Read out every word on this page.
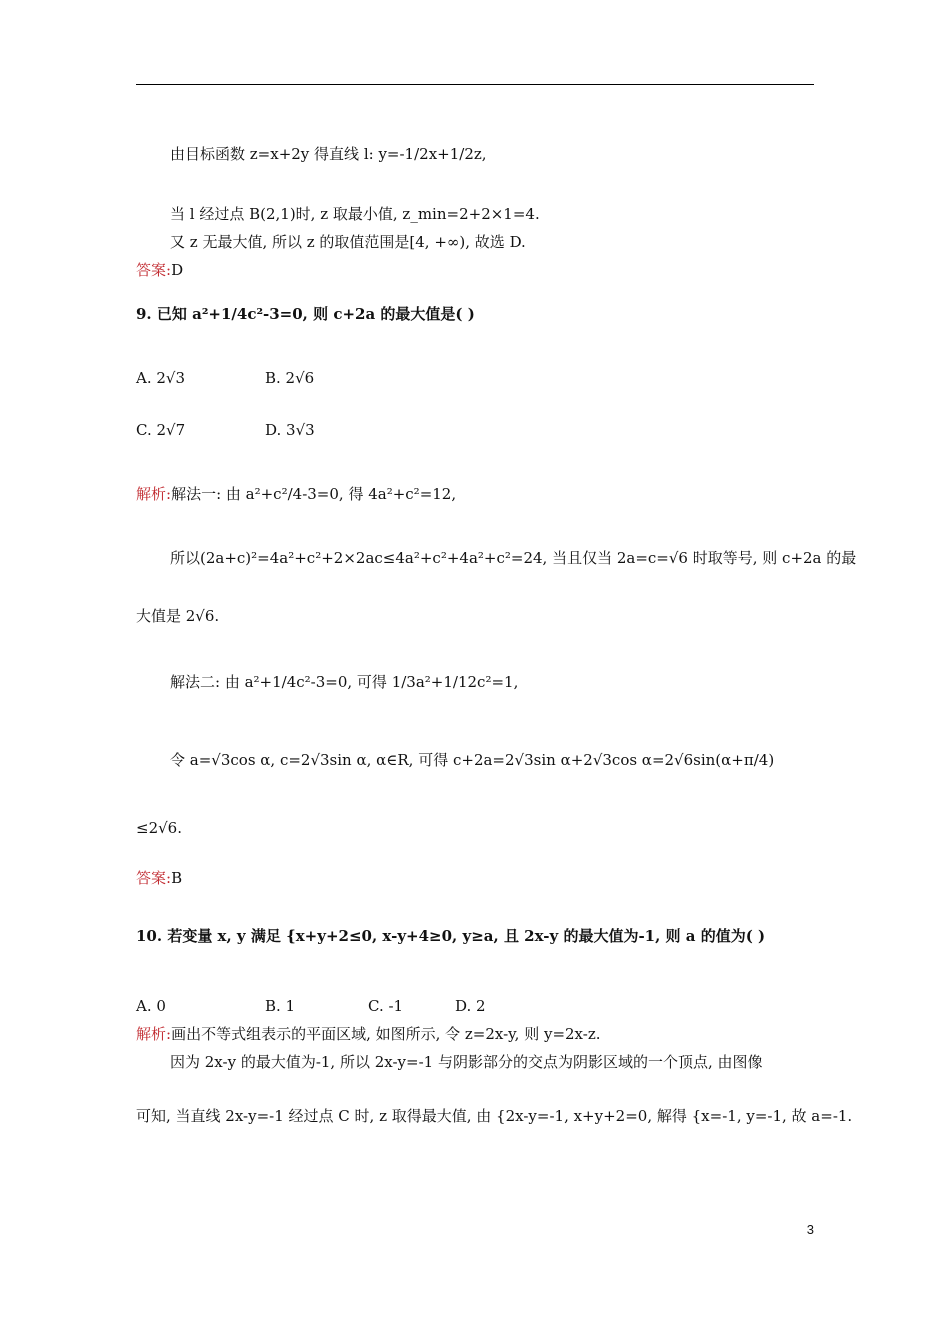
由目标函数 z=x+2y 得直线 l: y=-1/2x+1/2z,
当 l 经过点 B(2,1)时, z 取最小值, z_min=2+2×1=4.
又 z 无最大值, 所以 z 的取值范围是[4, +∞), 故选 D.
答案:D
9. 已知 a²+1/4c²-3=0, 则 c+2a 的最大值是( )
A. 2√3	B. 2√6
C. 2√7	D. 3√3
解析:解法一: 由 a²+c²/4-3=0, 得 4a²+c²=12,
所以(2a+c)²=4a²+c²+2×2ac≤4a²+c²+4a²+c²=24, 当且仅当 2a=c=√6 时取等号, 则 c+2a 的最
大值是 2√6.
解法二: 由 a²+1/4c²-3=0, 可得 1/3a²+1/12c²=1,
令 a=√3cos α, c=2√3sin α, α∈R, 可得 c+2a=2√3sin α+2√3cos α=2√6sin(α+π/4)
≤2√6.
答案:B
10. 若变量 x, y 满足 {x+y+2≤0, x-y+4≥0, y≥a, 且 2x-y 的最大值为-1, 则 a 的值为( )
A. 0	B. 1	C. -1	D. 2
解析:画出不等式组表示的平面区域, 如图所示, 令 z=2x-y, 则 y=2x-z.
因为 2x-y 的最大值为-1, 所以 2x-y=-1 与阴影部分的交点为阴影区域的一个顶点, 由图像
可知, 当直线 2x-y=-1 经过点 C 时, z 取得最大值, 由 {2x-y=-1, x+y+2=0, 解得 {x=-1, y=-1, 故 a=-1.
3
